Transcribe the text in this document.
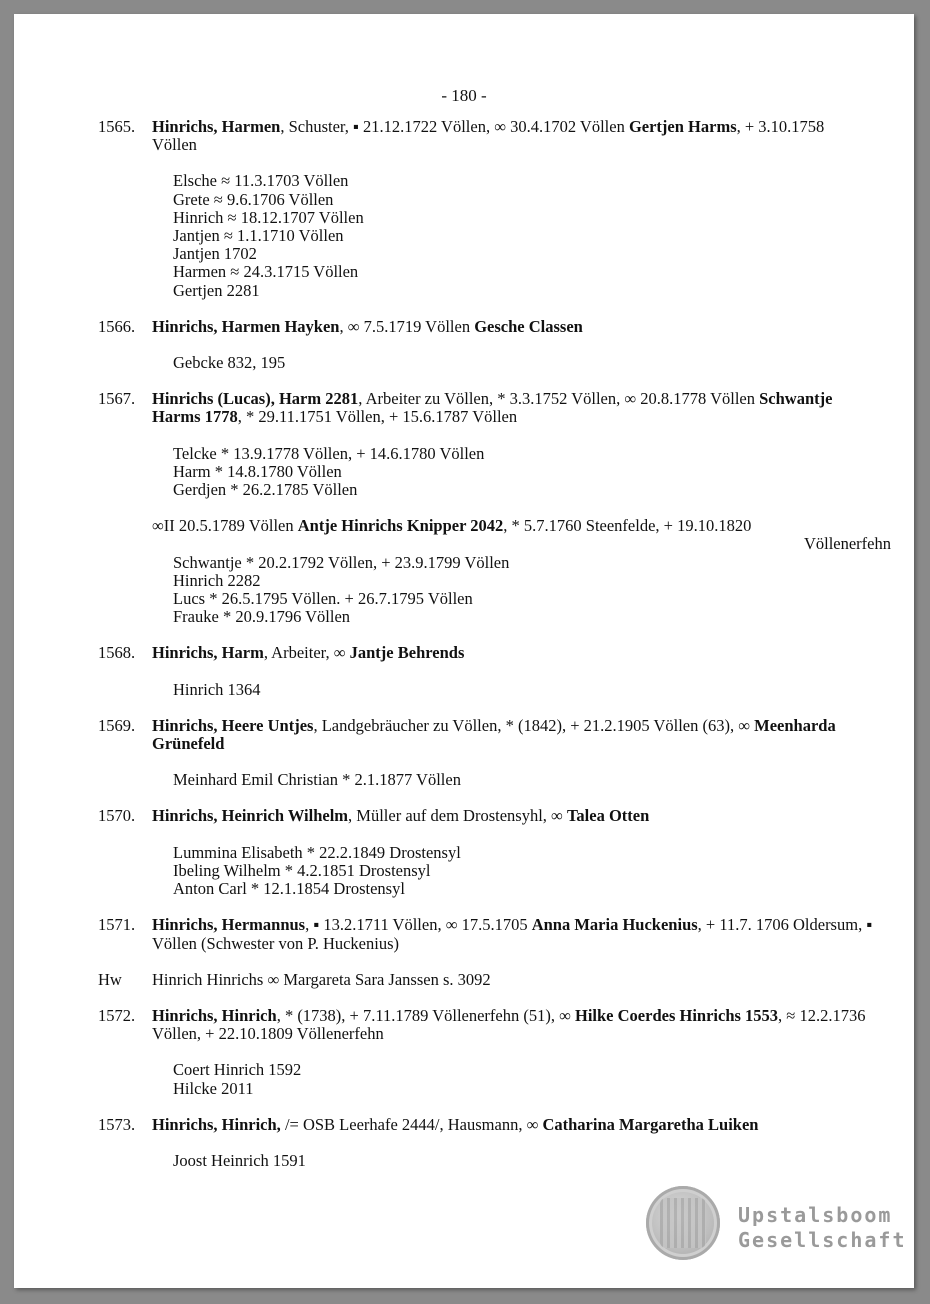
- 180 -
1565. Hinrichs, Harmen, Schuster, ▪ 21.12.1722 Völlen, ∞ 30.4.1702 Völlen Gertjen Harms, + 3.10.1758 Völlen
Elsche ≈ 11.3.1703 Völlen
Grete ≈ 9.6.1706 Völlen
Hinrich ≈ 18.12.1707 Völlen
Jantjen ≈ 1.1.1710 Völlen
Jantjen 1702
Harmen ≈ 24.3.1715 Völlen
Gertjen 2281
1566. Hinrichs, Harmen Hayken, ∞ 7.5.1719 Völlen Gesche Classen
Gebcke 832, 195
1567. Hinrichs (Lucas), Harm 2281, Arbeiter zu Völlen, * 3.3.1752 Völlen, ∞ 20.8.1778 Völlen Schwantje Harms 1778, * 29.11.1751 Völlen, + 15.6.1787 Völlen
Telcke * 13.9.1778 Völlen, + 14.6.1780 Völlen
Harm * 14.8.1780 Völlen
Gerdjen * 26.2.1785 Völlen
∞II 20.5.1789 Völlen Antje Hinrichs Knipper 2042, * 5.7.1760 Steenfelde, + 19.10.1820
Völlenerfehn
Schwantje * 20.2.1792 Völlen, + 23.9.1799 Völlen
Hinrich 2282
Lucs * 26.5.1795 Völlen. + 26.7.1795 Völlen
Frauke * 20.9.1796 Völlen
1568. Hinrichs, Harm, Arbeiter, ∞ Jantje Behrends
Hinrich 1364
1569. Hinrichs, Heere Untjes, Landgebräucher zu Völlen, * (1842), + 21.2.1905 Völlen (63), ∞ Meenharda Grünefeld
Meinhard Emil Christian * 2.1.1877 Völlen
1570. Hinrichs, Heinrich Wilhelm, Müller auf dem Drostensyhl, ∞ Talea Otten
Lummina Elisabeth * 22.2.1849 Drostensyl
Ibeling Wilhelm * 4.2.1851 Drostensyl
Anton Carl * 12.1.1854 Drostensyl
1571. Hinrichs, Hermannus, ▪ 13.2.1711 Völlen, ∞ 17.5.1705 Anna Maria Huckenius, + 11.7. 1706 Oldersum, ▪ Völlen (Schwester von P. Huckenius)
Hw Hinrich Hinrichs ∞ Margareta Sara Janssen s. 3092
1572. Hinrichs, Hinrich, * (1738), + 7.11.1789 Völlenerfehn (51), ∞ Hilke Coerdes Hinrichs 1553, ≈ 12.2.1736 Völlen, + 22.10.1809 Völlenerfehn
Coert Hinrich 1592
Hilcke 2011
1573. Hinrichs, Hinrich, /= OSB Leerhafe 2444/, Hausmann, ∞ Catharina Margaretha Luiken
Joost Heinrich 1591
Upstalsboom
Gesellschaft
